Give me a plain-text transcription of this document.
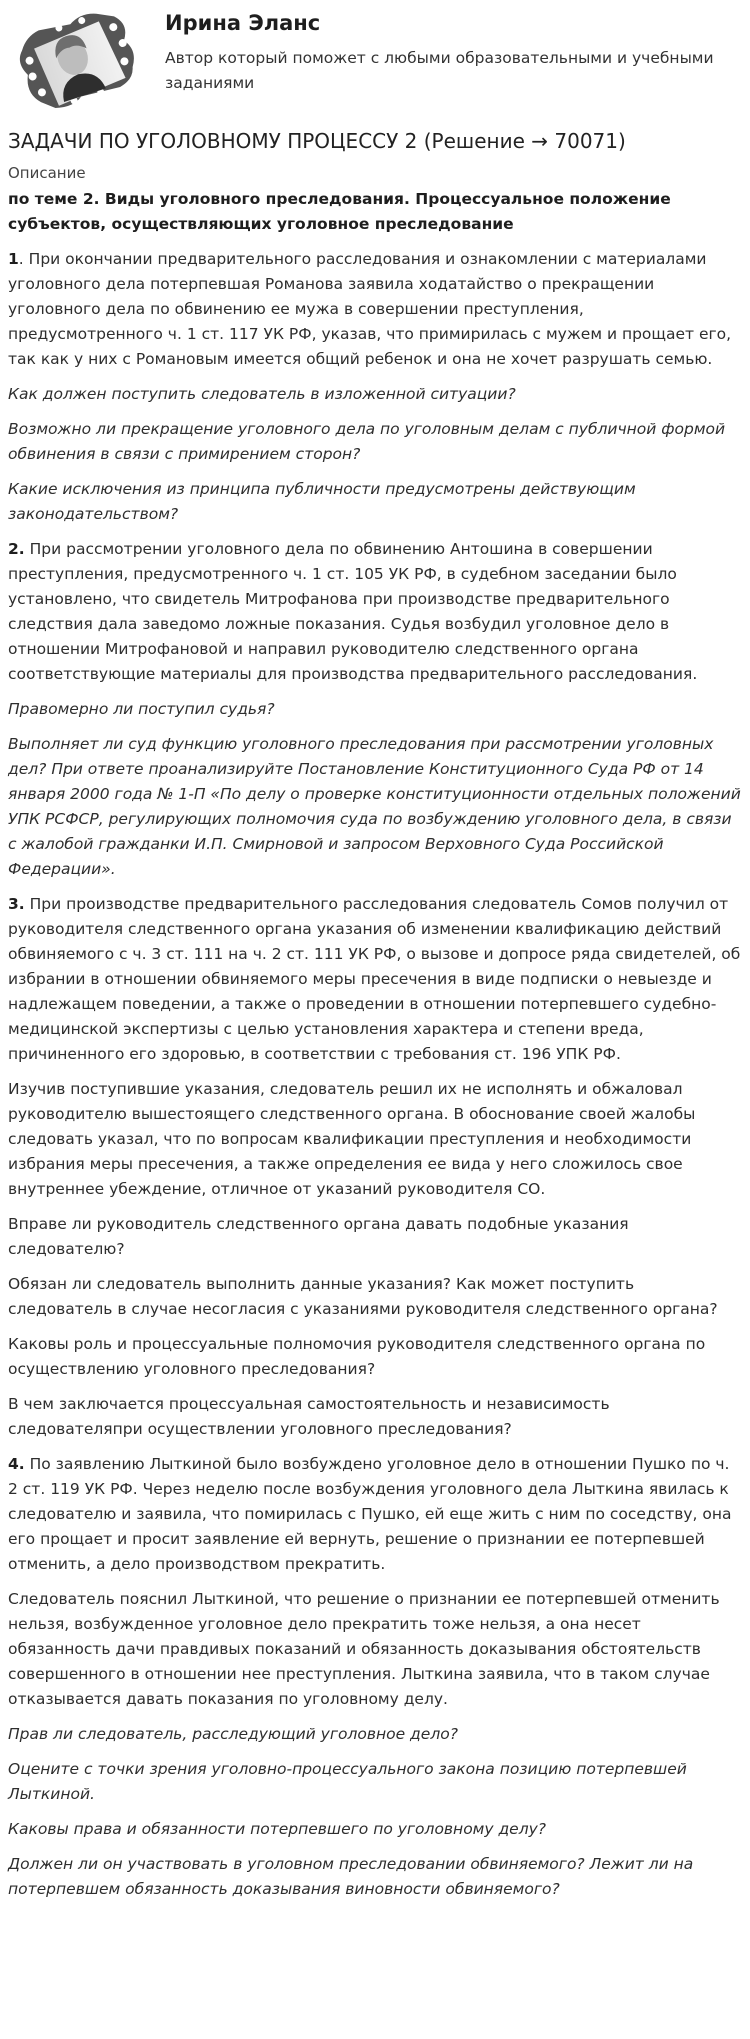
Ирина Эланс
Автор который поможет с любыми образовательными и учебными заданиями
ЗАДАЧИ ПО УГОЛОВНОМУ ПРОЦЕССУ 2 (Решение → 70071)
Описание
по теме 2. Виды уголовного преследования. Процессуальное положение субъектов, осуществляющих уголовное преследование

1. При окончании предварительного расследования и ознакомлении с материалами уголовного дела потерпевшая Романова заявила ходатайство о прекращении уголовного дела по обвинению ее мужа в совершении преступления, предусмотренного ч. 1 ст. 117 УК РФ, указав, что примирилась с мужем и прощает его, так как у них с Романовым имеется общий ребенок и она не хочет разрушать семью.

Как должен поступить следователь в изложенной ситуации?

Возможно ли прекращение уголовного дела по уголовным делам с публичной формой обвинения в связи с примирением сторон?

Какие исключения из принципа публичности предусмотрены действующим законодательством?

2. При рассмотрении уголовного дела по обвинению Антошина в совершении преступления, предусмотренного ч. 1 ст. 105 УК РФ, в судебном заседании было установлено, что свидетель Митрофанова при производстве предварительного следствия дала заведомо ложные показания. Судья возбудил уголовное дело в отношении Митрофановой и направил руководителю следственного органа соответствующие материалы для производства предварительного расследования.

Правомерно ли поступил судья?

Выполняет ли суд функцию уголовного преследования при рассмотрении уголовных дел? При ответе проанализируйте Постановление Конституционного Суда РФ от 14 января 2000 года № 1-П «По делу о проверке конституционности отдельных положений УПК РСФСР, регулирующих полномочия суда по возбуждению уголовного дела, в связи с жалобой гражданки И.П. Смирновой и запросом Верховного Суда Российской Федерации».

3. При производстве предварительного расследования следователь Сомов получил от руководителя следственного органа указания об изменении квалификацию действий обвиняемого с ч. 3 ст. 111 на ч. 2 ст. 111 УК РФ, о вызове и допросе ряда свидетелей, об избрании в отношении обвиняемого меры пресечения в виде подписки о невыезде и надлежащем поведении, а также о проведении в отношении потерпевшего судебно-медицинской экспертизы с целью установления характера и степени вреда, причиненного его здоровью, в соответствии с требования ст. 196 УПК РФ.

Изучив поступившие указания, следователь решил их не исполнять и обжаловал руководителю вышестоящего следственного органа. В обоснование своей жалобы следовать указал, что по вопросам квалификации преступления и необходимости избрания меры пресечения, а также определения ее вида у него сложилось свое внутреннее убеждение, отличное от указаний руководителя СО.

Вправе ли руководитель следственного органа давать подобные указания следователю?

Обязан ли следователь выполнить данные указания? Как может поступить следователь в случае несогласия с указаниями руководителя следственного органа?

Каковы роль и процессуальные полномочия руководителя следственного органа по осуществлению уголовного преследования?

В чем заключается процессуальная самостоятельность и независимость следователяпри осуществлении уголовного преследования?

4. По заявлению Лыткиной было возбуждено уголовное дело в отношении Пушко по ч. 2 ст. 119 УК РФ. Через неделю после возбуждения уголовного дела Лыткина явилась к следователю и заявила, что помирилась с Пушко, ей еще жить с ним по соседству, она его прощает и просит заявление ей вернуть, решение о признании ее потерпевшей отменить, а дело производством прекратить.

Следователь пояснил Лыткиной, что решение о признании ее потерпевшей отменить нельзя, возбужденное уголовное дело прекратить тоже нельзя, а она несет обязанность дачи правдивых показаний и обязанность доказывания обстоятельств совершенного в отношении нее преступления. Лыткина заявила, что в таком случае отказывается давать показания по уголовному делу.

Прав ли следователь, расследующий уголовное дело?

Оцените с точки зрения уголовно-процессуального закона позицию потерпевшей Лыткиной.

Каковы права и обязанности потерпевшего по уголовному делу?

Должен ли он участвовать в уголовном преследовании обвиняемого? Лежит ли на потерпевшем обязанность доказывания виновности обвиняемого?
